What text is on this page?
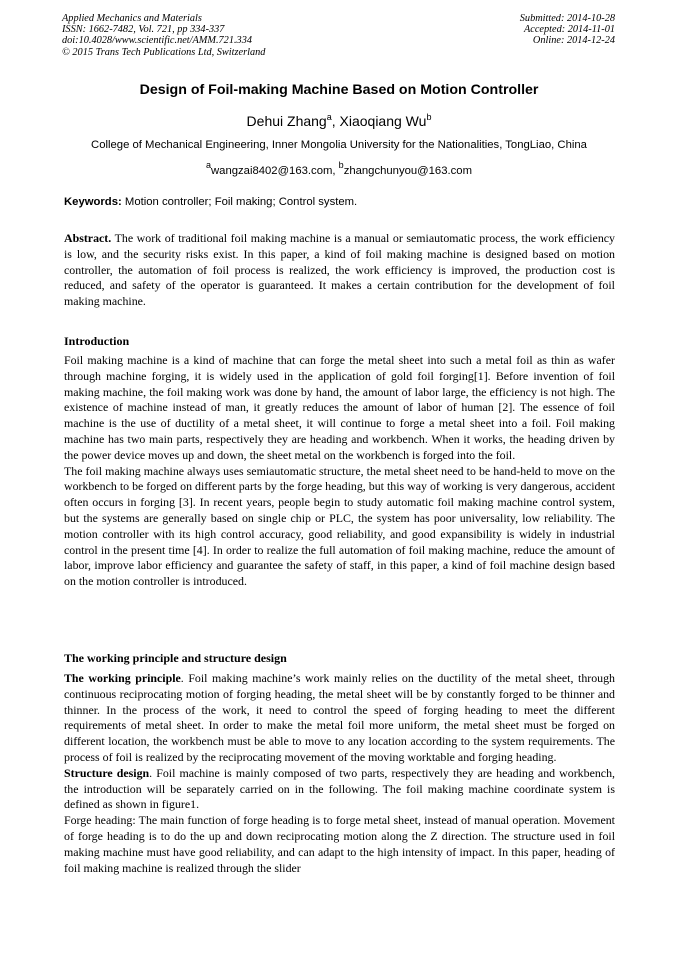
Applied Mechanics and Materials
ISSN: 1662-7482, Vol. 721, pp 334-337
doi:10.4028/www.scientific.net/AMM.721.334
© 2015 Trans Tech Publications Ltd, Switzerland
Submitted: 2014-10-28
Accepted: 2014-11-01
Online: 2014-12-24
Design of Foil-making Machine Based on Motion Controller
Dehui Zhang$^a$, Xiaoqiang Wu$^b$
College of Mechanical Engineering, Inner Mongolia University for the Nationalities, TongLiao, China
$^a$wangzai8402@163.com, $^b$zhangchunyou@163.com
Keywords: Motion controller; Foil making; Control system.

Abstract. The work of traditional foil making machine is a manual or semiautomatic process, the work efficiency is low, and the security risks exist. In this paper, a kind of foil making machine is designed based on motion controller, the automation of foil process is realized, the work efficiency is improved, the production cost is reduced, and safety of the operator is guaranteed. It makes a certain contribution for the development of foil making machine.

Introduction

Foil making machine is a kind of machine that can forge the metal sheet into such a metal foil as thin as wafer through machine forging, it is widely used in the application of gold foil forging[1]. Before invention of foil making machine, the foil making work was done by hand, the amount of labor large, the efficiency is not high. The existence of machine instead of man, it greatly reduces the amount of labor of human [2]. The essence of foil machine is the use of ductility of a metal sheet, it will continue to forge a metal sheet into a foil. Foil making machine has two main parts, respectively they are heading and workbench. When it works, the heading driven by the power device moves up and down, the sheet metal on the workbench is forged into the foil.

The foil making machine always uses semiautomatic structure, the metal sheet need to be hand-held to move on the workbench to be forged on different parts by the forge heading, but this way of working is very dangerous, accident often occurs in forging [3]. In recent years, people begin to study automatic foil making machine control system, but the systems are generally based on single chip or PLC, the system has poor universality, low reliability. The motion controller with its high control accuracy, good reliability, and good expansibility is widely in industrial control in the present time [4]. In order to realize the full automation of foil making machine, reduce the amount of labor, improve labor efficiency and guarantee the safety of staff, in this paper, a kind of foil machine design based on the motion controller is introduced.

The working principle and structure design

The working principle. Foil making machine’s work mainly relies on the ductility of the metal sheet, through continuous reciprocating motion of forging heading, the metal sheet will be by constantly forged to be thinner and thinner. In the process of the work, it need to control the speed of forging heading to meet the different requirements of metal sheet. In order to make the metal foil more uniform, the metal sheet must be forged on different location, the workbench must be able to move to any location according to the system requirements. The process of foil is realized by the reciprocating movement of the moving worktable and forging heading.

Structure design. Foil machine is mainly composed of two parts, respectively they are heading and workbench, the introduction will be separately carried on in the following. The foil making machine coordinate system is defined as shown in figure1.

Forge heading: The main function of forge heading is to forge metal sheet, instead of manual operation. Movement of forge heading is to do the up and down reciprocating motion along the Z direction. The structure used in foil making machine must have good reliability, and can adapt to the high intensity of impact. In this paper, heading of foil making machine is realized through the slider
